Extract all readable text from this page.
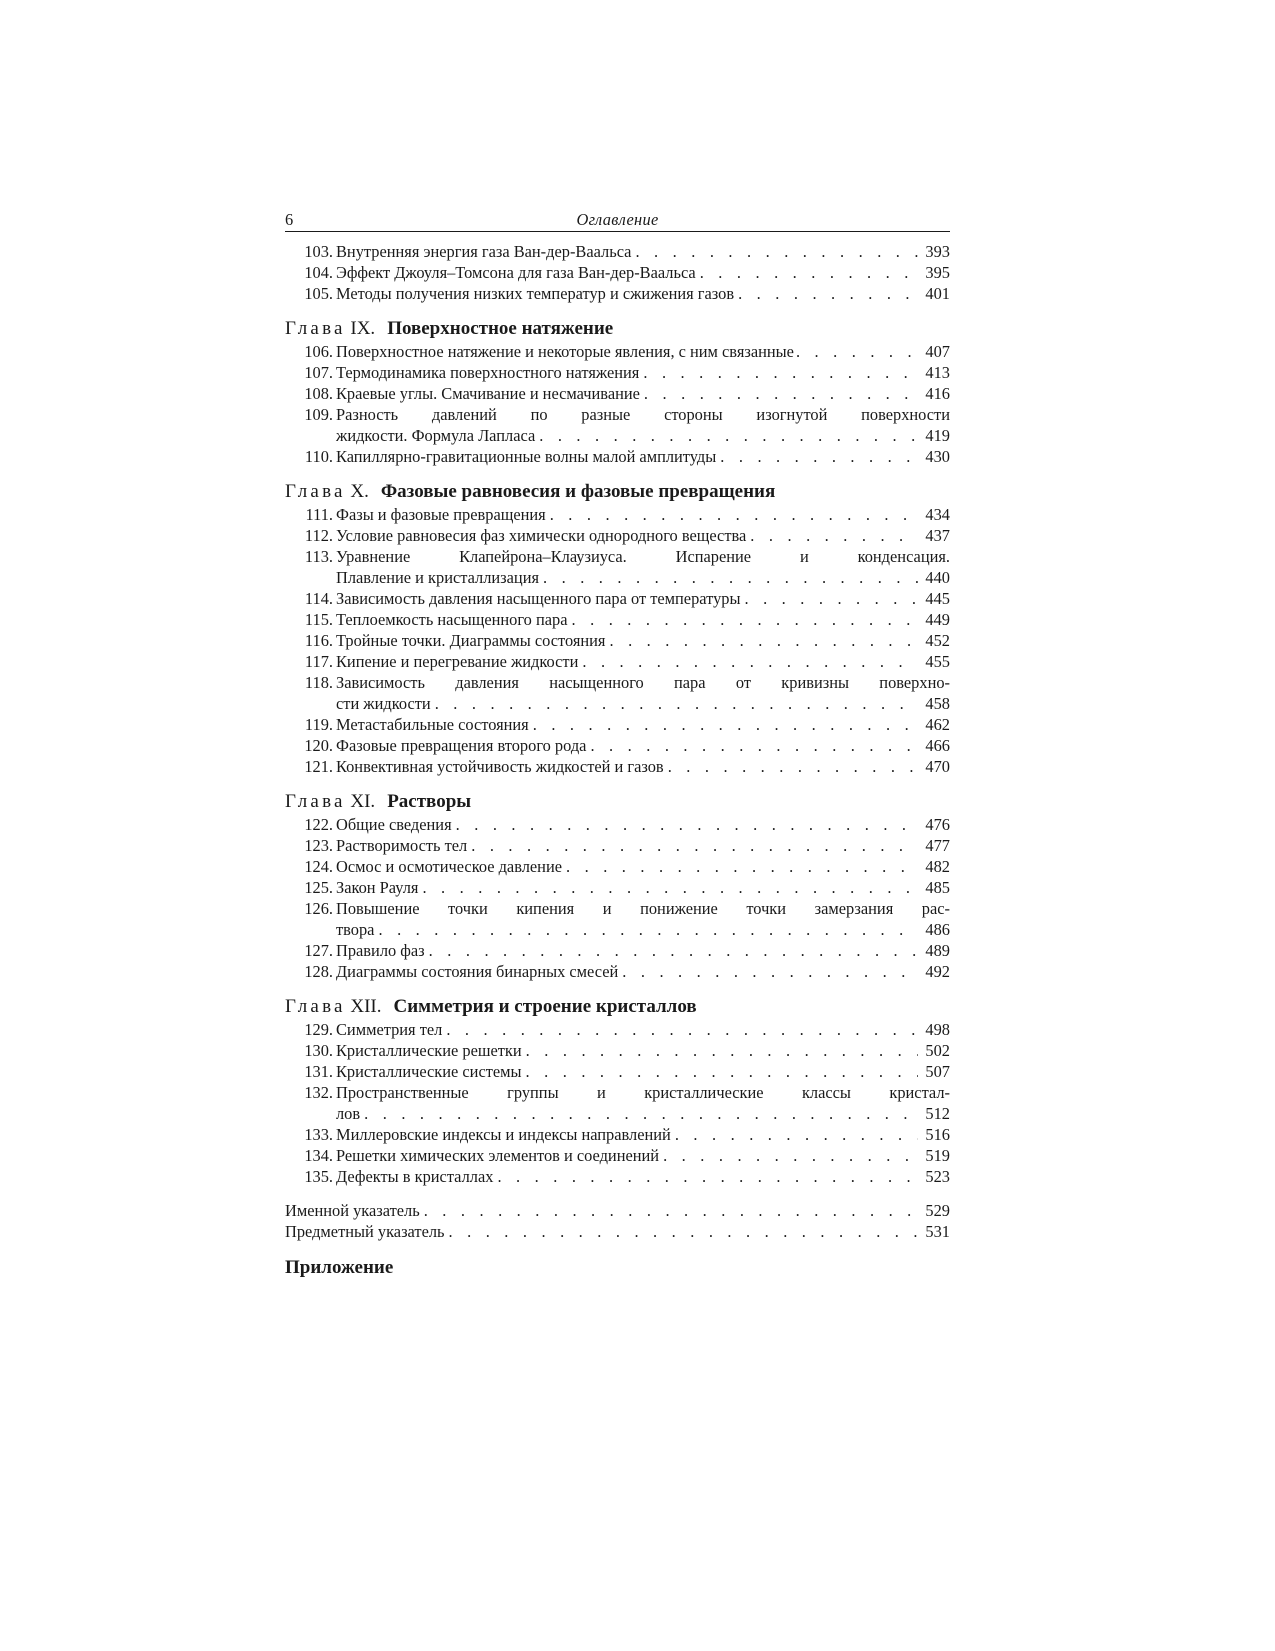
6	Оглавление
103. Внутренняя энергия газа Ван-дер-Ваальса . . .	393
104. Эффект Джоуля–Томсона для газа Ван-дер-Ваальса . . .	395
105. Методы получения низких температур и сжижения газов . . .	401
Глава IX. Поверхностное натяжение
106. Поверхностное натяжение и некоторые явления, с ним связанные . . .	407
107. Термодинамика поверхностного натяжения . . .	413
108. Краевые углы. Смачивание и несмачивание . . .	416
109. Разность давлений по разные стороны изогнутой поверхности
жидкости. Формула Лапласа . . .	419
110. Капиллярно-гравитационные волны малой амплитуды . . .	430
Глава X. Фазовые равновесия и фазовые превращения
111. Фазы и фазовые превращения . . .	434
112. Условие равновесия фаз химически однородного вещества . . .	437
113. Уравнение Клапейрона–Клаузиуса. Испарение и конденсация.
Плавление и кристаллизация . . .	440
114. Зависимость давления насыщенного пара от температуры . . .	445
115. Теплоемкость насыщенного пара . . .	449
116. Тройные точки. Диаграммы состояния . . .	452
117. Кипение и перегревание жидкости . . .	455
118. Зависимость давления насыщенного пара от кривизны поверхно-
сти жидкости . . .	458
119. Метастабильные состояния . . .	462
120. Фазовые превращения второго рода . . .	466
121. Конвективная устойчивость жидкостей и газов . . .	470
Глава XI. Растворы
122. Общие сведения . . .	476
123. Растворимость тел . . .	477
124. Осмос и осмотическое давление . . .	482
125. Закон Рауля . . .	485
126. Повышение точки кипения и понижение точки замерзания рас-
твора . . .	486
127. Правило фаз . . .	489
128. Диаграммы состояния бинарных смесей . . .	492
Глава XII. Симметрия и строение кристаллов
129. Симметрия тел . . .	498
130. Кристаллические решетки . . .	502
131. Кристаллические системы . . .	507
132. Пространственные группы и кристаллические классы кристал-
лов . . .	512
133. Миллеровские индексы и индексы направлений . . .	516
134. Решетки химических элементов и соединений . . .	519
135. Дефекты в кристаллах . . .	523
Именной указатель . . .	529
Предметный указатель . . .	531
Приложение
